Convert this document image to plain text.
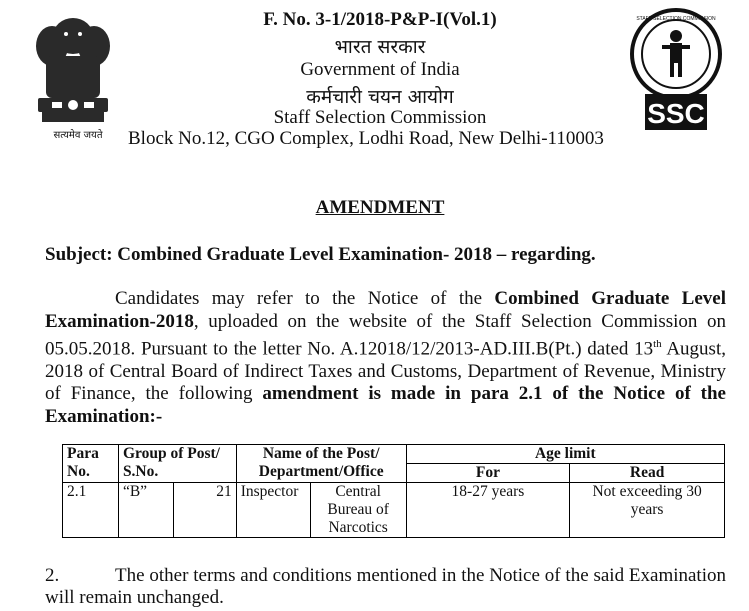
सत्यमेव जयते
SSC
STAFF SELECTION COMMISSION
F. No. 3-1/2018-P&P-I(Vol.1)
भारत सरकार
Government of India
कर्मचारी चयन आयोग
Staff Selection Commission
Block No.12, CGO Complex, Lodhi Road, New Delhi-110003
AMENDMENT
Subject: Combined Graduate Level Examination- 2018 – regarding.
Candidates may refer to the Notice of the Combined Graduate Level Examination-2018, uploaded on the website of the Staff Selection Commission on 05.05.2018. Pursuant to the letter No. A.12018/12/2013-AD.III.B(Pt.) dated 13th August, 2018 of Central Board of Indirect Taxes and Customs, Department of Revenue, Ministry of Finance, the following amendment is made in para 2.1 of the Notice of the Examination:-
Para No.	Group of Post/ S.No.		Name of the Post/ Department/Office		Age limit	
					For	Read
2.1	“B”	21	Inspector	Central Bureau of Narcotics	18-27 years	Not exceeding 30 years
2.	The other terms and conditions mentioned in the Notice of the said Examination will remain unchanged.
